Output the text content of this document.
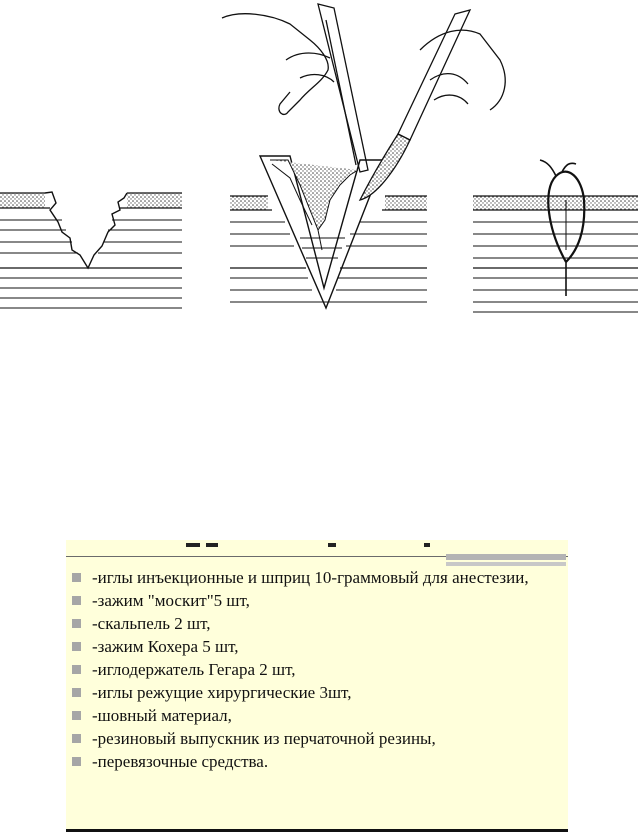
-иглы инъекционные и шприц 10-граммовый для анестезии,
-зажим "москит"5 шт,
-скальпель 2 шт,
-зажим Кохера 5 шт,
-иглодержатель Гегара 2 шт,
-иглы режущие хирургические 3шт,
-шовный материал,
-резиновый выпускник из перчаточной резины,
-перевязочные средства.
